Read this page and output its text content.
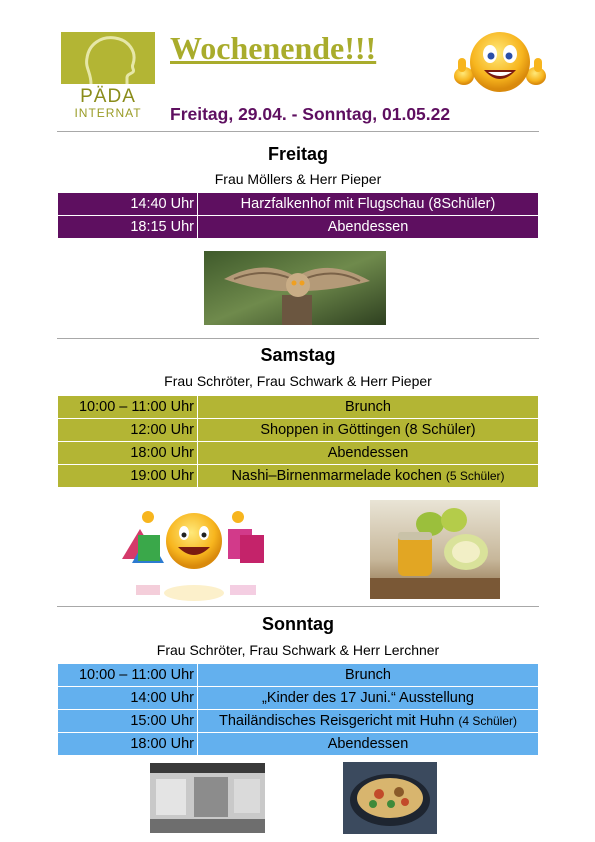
PÄDA
INTERNAT
Wochenende!!!
Freitag, 29.04. - Sonntag, 01.05.22
Freitag
Frau Möllers & Herr Pieper
14:40 Uhr	Harzfalkenhof mit Flugschau (8Schüler)
18:15 Uhr	Abendessen
Samstag
Frau Schröter, Frau Schwark & Herr Pieper
10:00 – 11:00 Uhr	Brunch
12:00 Uhr	Shoppen in Göttingen (8 Schüler)
18:00 Uhr	Abendessen
19:00 Uhr	Nashi–Birnenmarmelade kochen (5 Schüler)
Sonntag
Frau Schröter, Frau Schwark & Herr Lerchner
10:00 – 11:00 Uhr	Brunch
14:00 Uhr	„Kinder des 17 Juni.“ Ausstellung
15:00 Uhr	Thailändisches Reisgericht mit Huhn (4 Schüler)
18:00 Uhr	Abendessen
